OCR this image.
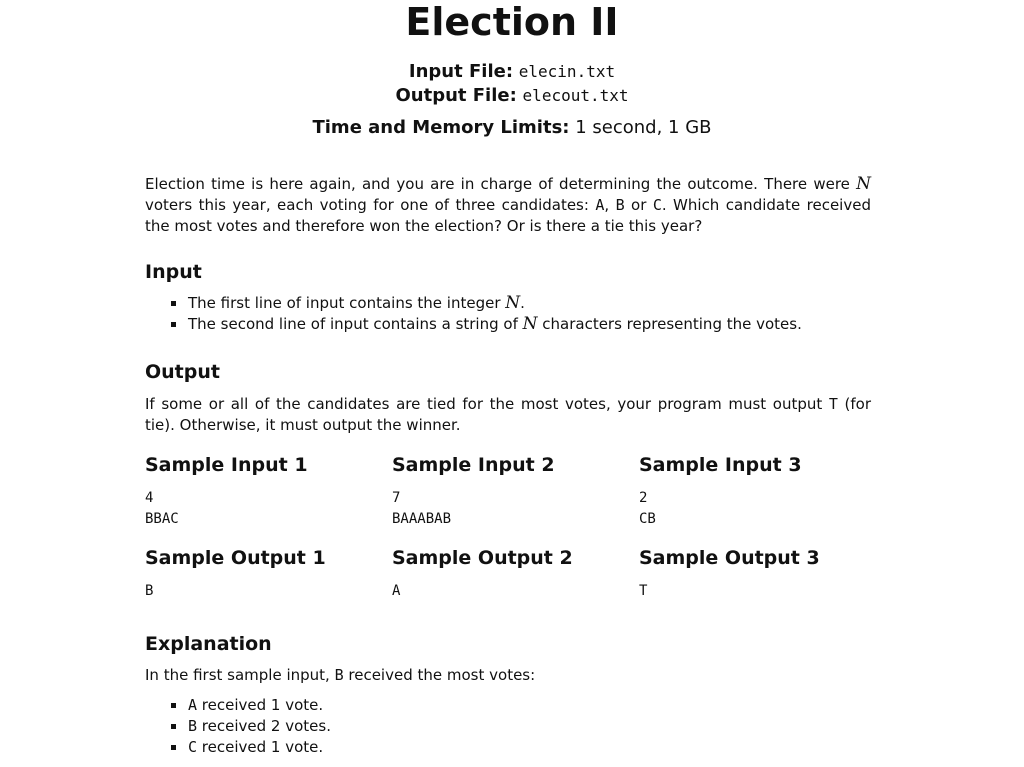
Election II
Input File: elecin.txt
Output File: elecout.txt
Time and Memory Limits: 1 second, 1 GB

Election time is here again, and you are in charge of determining the outcome. There were N voters this year, each voting for one of three candidates: A, B or C. Which candidate received the most votes and therefore won the election? Or is there a tie this year?

Input
The first line of input contains the integer N.
The second line of input contains a string of N characters representing the votes.
Output

If some or all of the candidates are tied for the most votes, your program must output T (for tie). Otherwise, it must output the winner.

Sample Input 1
4
BBAC
Sample Input 2
7
BAAABAB
Sample Input 3
2
CB
Sample Output 1
B
Sample Output 2
A
Sample Output 3
T
Explanation

In the first sample input, B received the most votes:

A received 1 vote.
B received 2 votes.
C received 1 vote.
